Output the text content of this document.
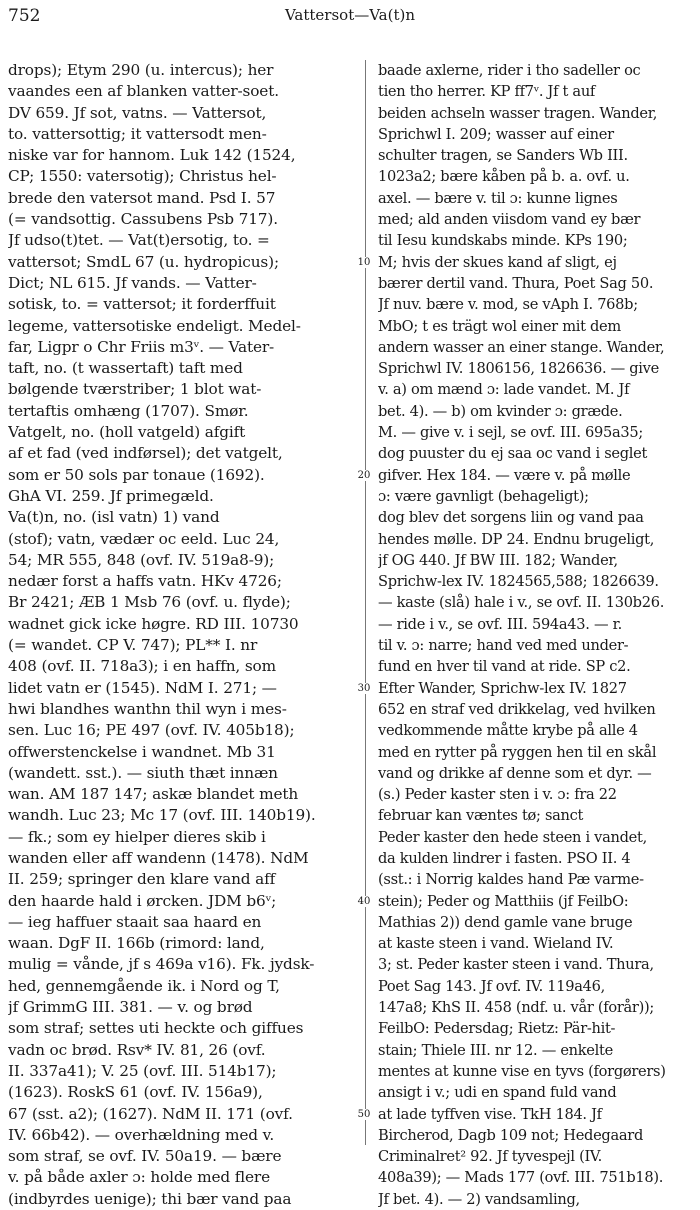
752	Vattersot—Va(t)n
drops); Etym 290 (u. intercus); her
vaandes een af blanken vatter-soet.
DV 659. Jf sot, vatns. — Vattersot,
to. vattersottig; it vattersodt men-
niske var for hannom. Luk 142 (1524,
CP; 1550: vatersotig); Christus hel-
brede den vatersot mand. Psd I. 57
(= vandsottig. Cassubens Psb 717).
Jf udso(t)tet. — Vat(t)ersotig, to. =
vattersot; SmdL 67 (u. hydropicus);
Dict; NL 615. Jf vands. — Vatter-
sotisk, to. = vattersot; it forderffuit
legeme, vattersotiske endeligt. Medel-
far, Ligpr o Chr Friis m3ᵛ. — Vater-
taft, no. (t wassertaft) taft med
bølgende tværstriber; 1 blot wat-
tertaftis omhæng (1707). Smør.
Vatgelt, no. (holl vatgeld) afgift
af et fad (ved indførsel); det vatgelt,
som er 50 sols par tonaue (1692).
GhA VI. 259. Jf primegæld.
Va(t)n, no. (isl vatn) 1) vand
(stof); vatn, vædær oc eeld. Luc 24,
54; MR 555, 848 (ovf. IV. 519a8-9);
nedær forst a haffs vatn. HKv 4726;
Br 2421; ÆB 1 Msb 76 (ovf. u. flyde);
wadnet gick icke høgre. RD III. 10730
(= wandet. CP V. 747); PL** I. nr
408 (ovf. II. 718a3); i en haffn, som
lidet vatn er (1545). NdM I. 271; —
hwi blandhes wanthn thil wyn i mes-
sen. Luc 16; PE 497 (ovf. IV. 405b18);
offwerstenckelse i wandnet. Mb 31
(wandett. sst.). — siuth thæt innæn
wan. AM 187 147; askæ blandet meth
wandh. Luc 23; Mc 17 (ovf. III. 140b19).
— fk.; som ey hielper dieres skib i
wanden eller aff wandenn (1478). NdM
II. 259; springer den klare vand aff
den haarde hald i ørcken. JDM b6ᵛ;
— ieg haffuer staait saa haard en
waan. DgF II. 166b (rimord: land,
mulig = vånde, jf s 469a v16). Fk. jydsk-
hed, gennemgående ik. i Nord og T,
jf GrimmG III. 381. — v. og brød
som straf; settes uti heckte och giffues
vadn oc brød. Rsv* IV. 81, 26 (ovf.
II. 337a41); V. 25 (ovf. III. 514b17);
(1623). RoskS 61 (ovf. IV. 156a9),
67 (sst. a2); (1627). NdM II. 171 (ovf.
IV. 66b42). — overhældning med v.
som straf, se ovf. IV. 50a19. — bære
v. på både axler ɔ: holde med flere
(indbyrdes uenige); thi bær vand paa
10
20
30
40
50
baade axlerne, rider i tho sadeller oc
tien tho herrer. KP ff7ᵛ. Jf t auf
beiden achseln wasser tragen. Wander,
Sprichwl I. 209; wasser auf einer
schulter tragen, se Sanders Wb III.
1023a2; bære kåben på b. a. ovf. u.
axel. — bære v. til ɔ: kunne lignes
med; ald anden viisdom vand ey bær
til Iesu kundskabs minde. KPs 190;
M; hvis der skues kand af sligt, ej
bærer dertil vand. Thura, Poet Sag 50.
Jf nuv. bære v. mod, se vAph I. 768b;
MbO; t es trägt wol einer mit dem
andern wasser an einer stange. Wander,
Sprichwl IV. 1806156, 1826636. — give
v. a) om mænd ɔ: lade vandet. M. Jf
bet. 4). — b) om kvinder ɔ: græde.
M. — give v. i sejl, se ovf. III. 695a35;
dog puuster du ej saa oc vand i seglet
gifver. Hex 184. — være v. på mølle
ɔ: være gavnligt (behageligt);
dog blev det sorgens liin og vand paa
hendes mølle. DP 24. Endnu brugeligt,
jf OG 440. Jf BW III. 182; Wander,
Sprichw-lex IV. 1824565,588; 1826639.
— kaste (slå) hale i v., se ovf. II. 130b26.
— ride i v., se ovf. III. 594a43. — r.
til v. ɔ: narre; hand ved med under-
fund en hver til vand at ride. SP c2.
Efter Wander, Sprichw-lex IV. 1827
652 en straf ved drikkelag, ved hvilken
vedkommende måtte krybe på alle 4
med en rytter på ryggen hen til en skål
vand og drikke af denne som et dyr. —
(s.) Peder kaster sten i v. ɔ: fra 22
februar kan væntes tø; sanct
Peder kaster den hede steen i vandet,
da kulden lindrer i fasten. PSO II. 4
(sst.: i Norrig kaldes hand Pæ varme-
stein); Peder og Matthiis (jf FeilbO:
Mathias 2)) dend gamle vane bruge
at kaste steen i vand. Wieland IV.
3; st. Peder kaster steen i vand. Thura,
Poet Sag 143. Jf ovf. IV. 119a46,
147a8; KhS II. 458 (ndf. u. vår (forår));
FeilbO: Pedersdag; Rietz: Pär-hit-
stain; Thiele III. nr 12. — enkelte
mentes at kunne vise en tyvs (forgørers)
ansigt i v.; udi en spand fuld vand
at lade tyffven vise. TkH 184. Jf
Bircherod, Dagb 109 not; Hedegaard
Criminalret² 92. Jf tyvespejl (IV.
408a39); — Mads 177 (ovf. III. 751b18).
Jf bet. 4). — 2) vandsamling,
